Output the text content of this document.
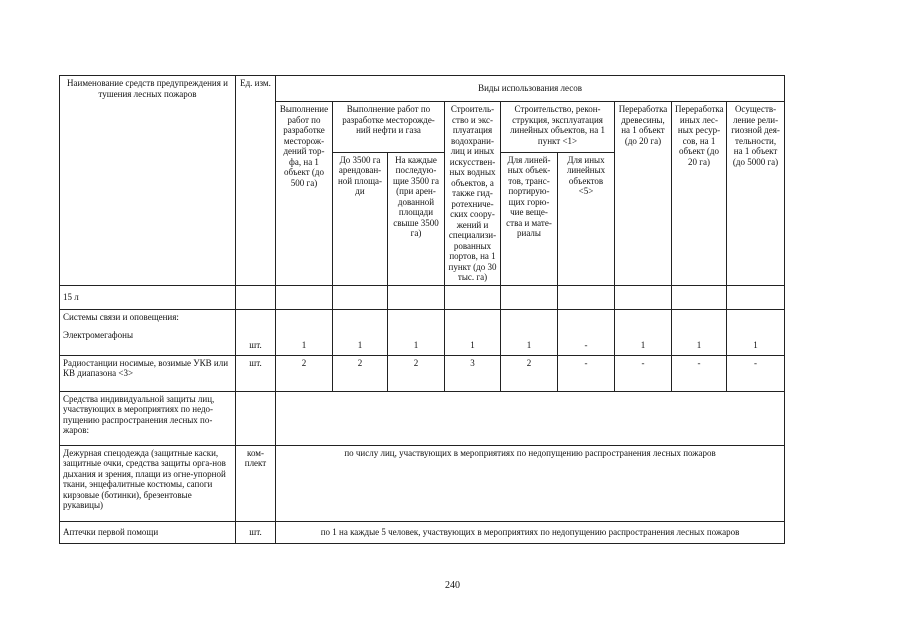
Наименование средств предупреждения и тушения лесных пожаров	Ед. изм.	Виды использования лесов								
		Выполнение работ по разработке месторож-дений тор-фа, на 1 объект (до 500 га)	Выполнение работ по разработке месторожде-ний нефти и газа		Строитель-ство и экс-плуатация водохрани-лиц и иных искусствен-ных водных объектов, а также гид-ротехниче-ских соору-жений и специализи-рованных портов, на 1 пункт (до 30 тыс. га)	Строительство, рекон-струкция, эксплуатация линейных объектов, на 1 пункт <1>		Переработка древесины, на 1 объект (до 20 га)	Переработка иных лес-ных ресур-сов, на 1 объект (до 20 га)	Осуществ-ление рели-гиозной дея-тельности, на 1 объект (до 5000 га)
			До 3500 га арендован-ной площа-ди	На каждые последую-щие 3500 га (при арен-дованной площади свыше 3500 га)		Для линей-ных объек-тов, транс-портирую-щих горю-чие веще-ства и мате-риалы	Для иных линейных объектов <5>			
15 л										

Системы связи и оповещения:
Электромегафоны	шт.	1	1	1	1	1	-	1	1	1
Радиостанции носимые, возимые УКВ или КВ диапазона <3>	шт.	2	2	2	3	2	-	-	-	-
Средства индивидуальной защиты лиц, участвующих в мероприятиях по недо-пущению распространения лесных по-жаров:										
Дежурная спецодежда (защитные каски, защитные очки, средства защиты орга-нов дыхания и зрения, плащи из огне-упорной ткани, энцефалитные костюмы, сапоги кирзовые (ботинки), брезентовые рукавицы)	ком-плект	по числу лиц, участвующих в мероприятиях по недопущению распространения лесных пожаров								
Аптечки первой помощи	шт.	по 1 на каждые 5 человек, участвующих в мероприятиях по недопущению распространения лесных пожаров								
240
